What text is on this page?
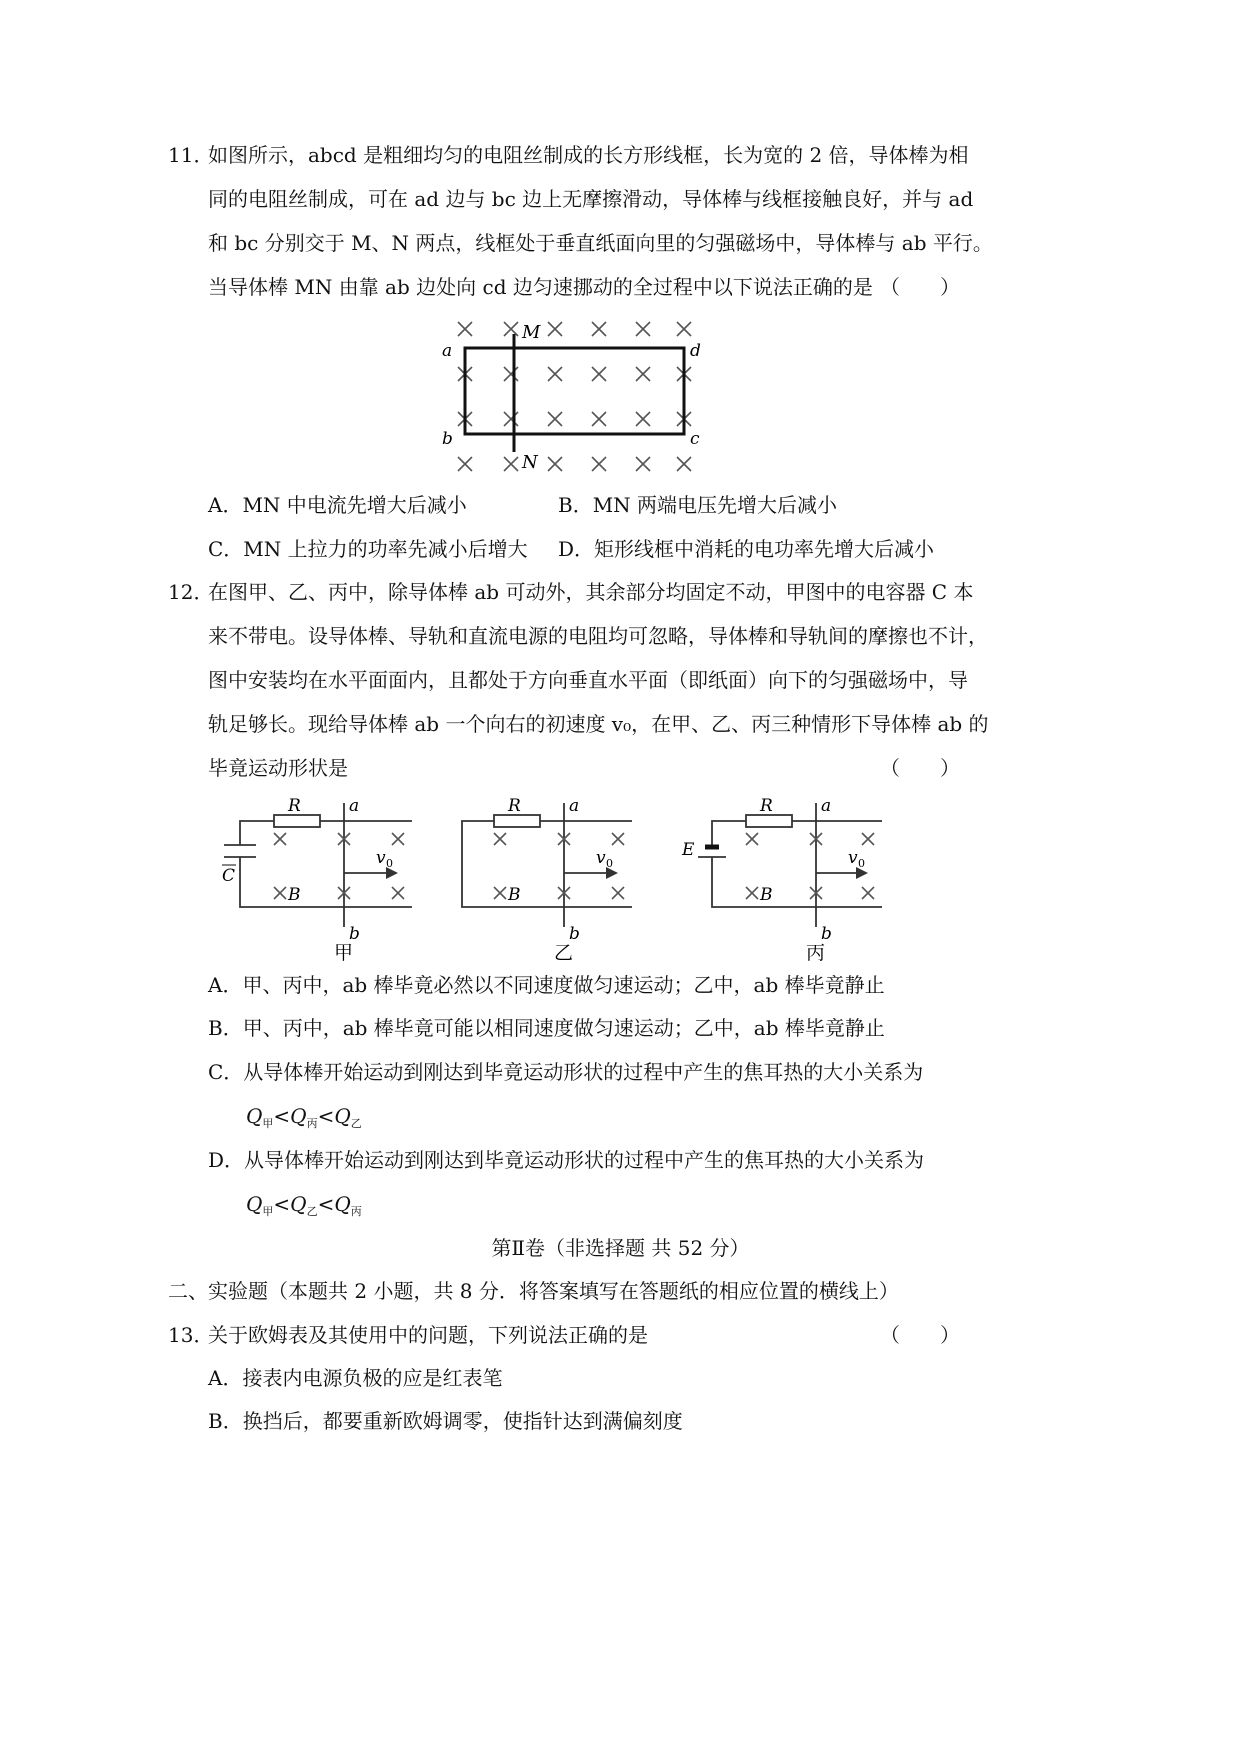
11．
如图所示，abcd 是粗细均匀的电阻丝制成的长方形线框，长为宽的 2 倍，导体棒为相
同的电阻丝制成，可在 ad 边与 bc 边上无摩擦滑动，导体棒与线框接触良好，并与 ad
和 bc 分别交于 M、N 两点，线框处于垂直纸面向里的匀强磁场中，导体棒与 ab 平行。
当导体棒 MN 由靠 ab 边处向 cd 边匀速挪动的全过程中以下说法正确的是 （　　）
a
b	c
d
M
N
A．MN 中电流先增大后减小	B．MN 两端电压先增大后减小
C．MN 上拉力的功率先减小后增大 D．矩形线框中消耗的电功率先增大后减小
12．
在图甲、乙、丙中，除导体棒 ab 可动外，其余部分均固定不动，甲图中的电容器 C 本
来不带电。设导体棒、导轨和直流电源的电阻均可忽略，导体棒和导轨间的摩擦也不计，
图中安装均在水平面面内，且都处于方向垂直水平面（即纸面）向下的匀强磁场中，导
轨足够长。现给导体棒 ab 一个向右的初速度 v₀，在甲、乙、丙三种情形下导体棒 ab 的
毕竟运动形状是	（　　）
R	a
b
B
C
v 0
甲
R	a
b
B
v 0
乙
R	a
b
B
E	v 0
丙
A．甲、丙中，ab 棒毕竟必然以不同速度做匀速运动；乙中，ab 棒毕竟静止
B．甲、丙中，ab 棒毕竟可能以相同速度做匀速运动；乙中，ab 棒毕竟静止
C．从导体棒开始运动到刚达到毕竟运动形状的过程中产生的焦耳热的大小关系为
$Q_甲<Q_丙<Q_乙$
D．从导体棒开始运动到刚达到毕竟运动形状的过程中产生的焦耳热的大小关系为
$Q_甲<Q_乙<Q_丙$
第Ⅱ卷（非选择题 共 52 分）
二、实验题（本题共 2 小题，共 8 分．将答案填写在答题纸的相应位置的横线上）
13．
关于欧姆表及其使用中的问题，下列说法正确的是	（　　）
A．接表内电源负极的应是红表笔
B．换挡后，都要重新欧姆调零，使指针达到满偏刻度
